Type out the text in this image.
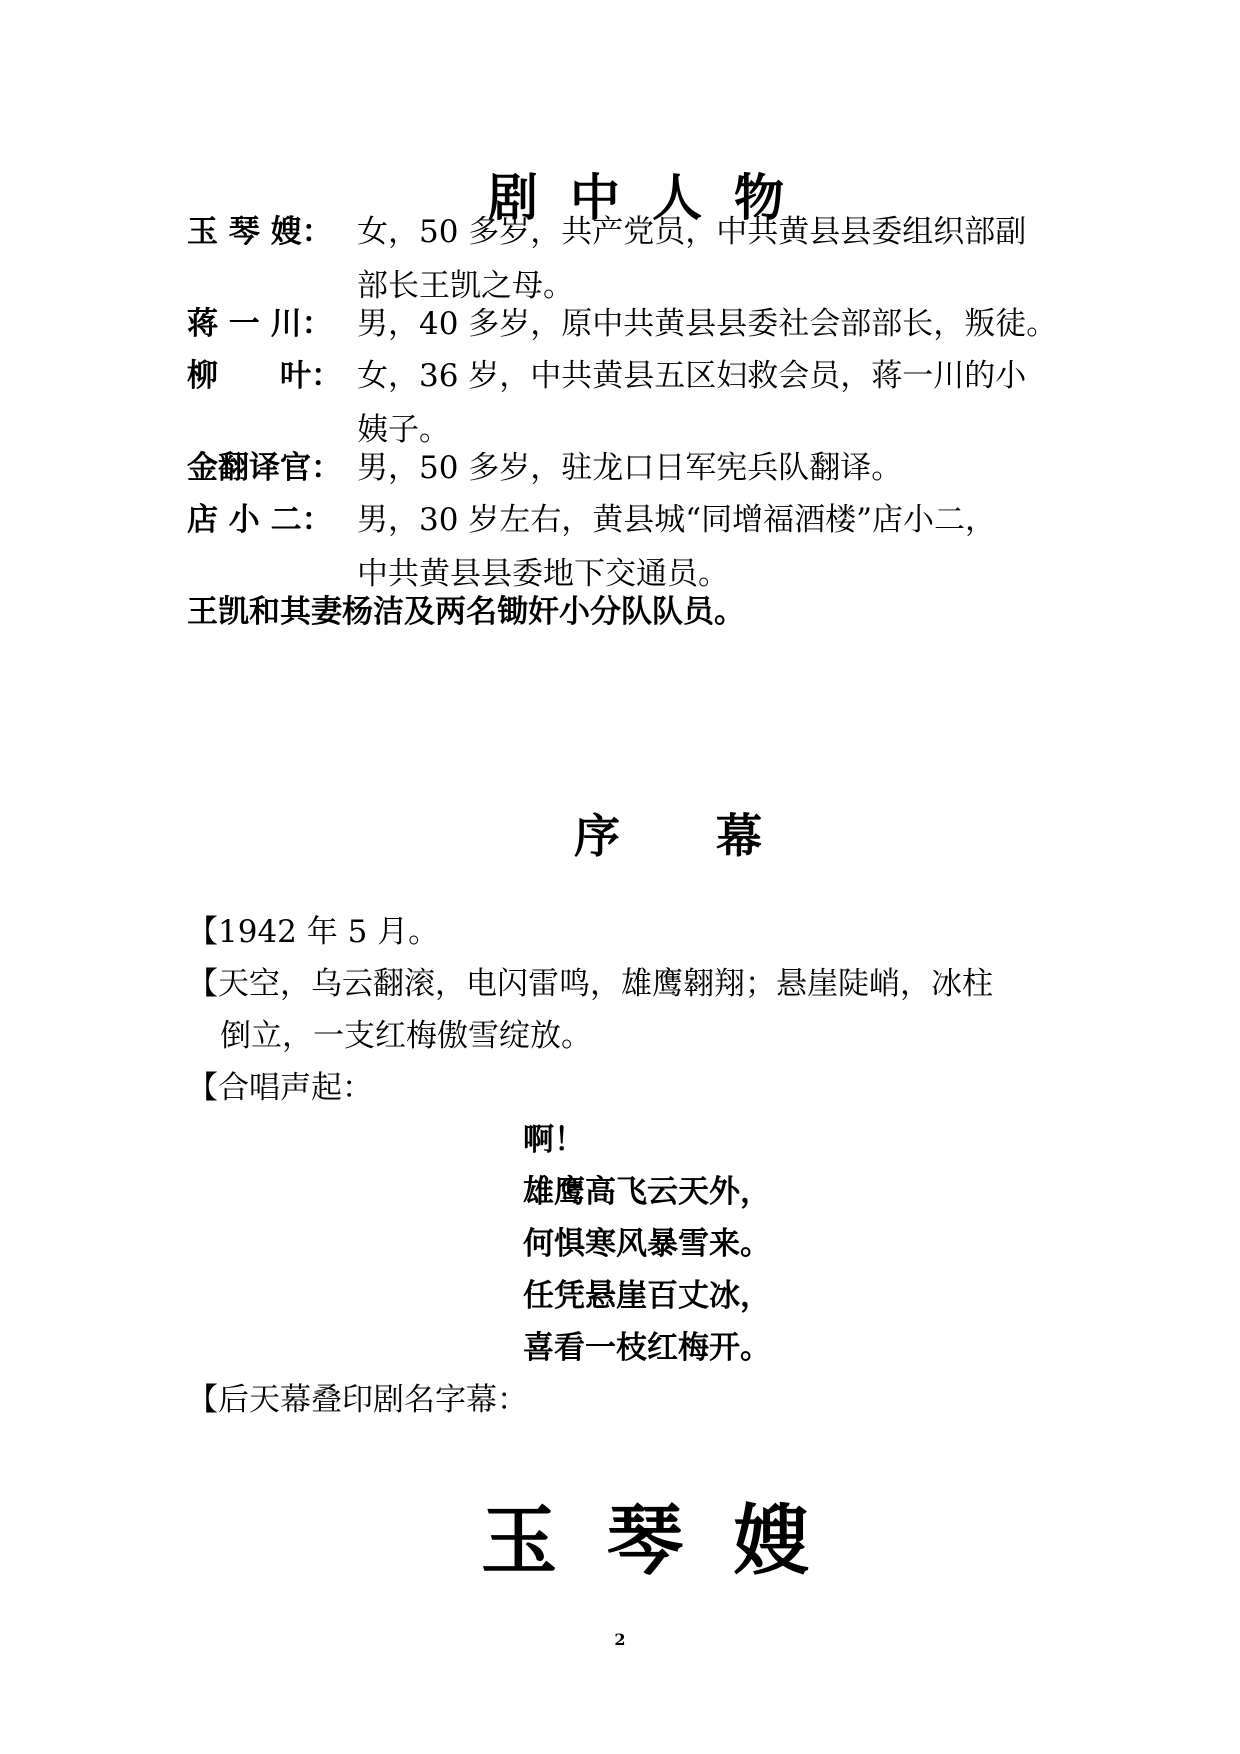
剧中人物
玉 琴 嫂： 女，50 多岁，共产党员，中共黄县县委组织部副
部长王凯之母。
蒋 一 川： 男，40 多岁，原中共黄县县委社会部部长，叛徒。
柳　　叶： 女，36 岁，中共黄县五区妇救会员，蒋一川的小
姨子。
金翻译官： 男，50 多岁，驻龙口日军宪兵队翻译。
店 小 二： 男，30 岁左右，黄县城“同增福酒楼”店小二，
中共黄县县委地下交通员。
王凯和其妻杨洁及两名锄奸小分队队员。
序幕
【1942 年 5 月。
【天空，乌云翻滚，电闪雷鸣，雄鹰翱翔；悬崖陡峭，冰柱
倒立，一支红梅傲雪绽放。
【合唱声起：
啊！
雄鹰高飞云天外，
何惧寒风暴雪来。
任凭悬崖百丈冰，
喜看一枝红梅开。
【后天幕叠印剧名字幕：
玉琴嫂
2
